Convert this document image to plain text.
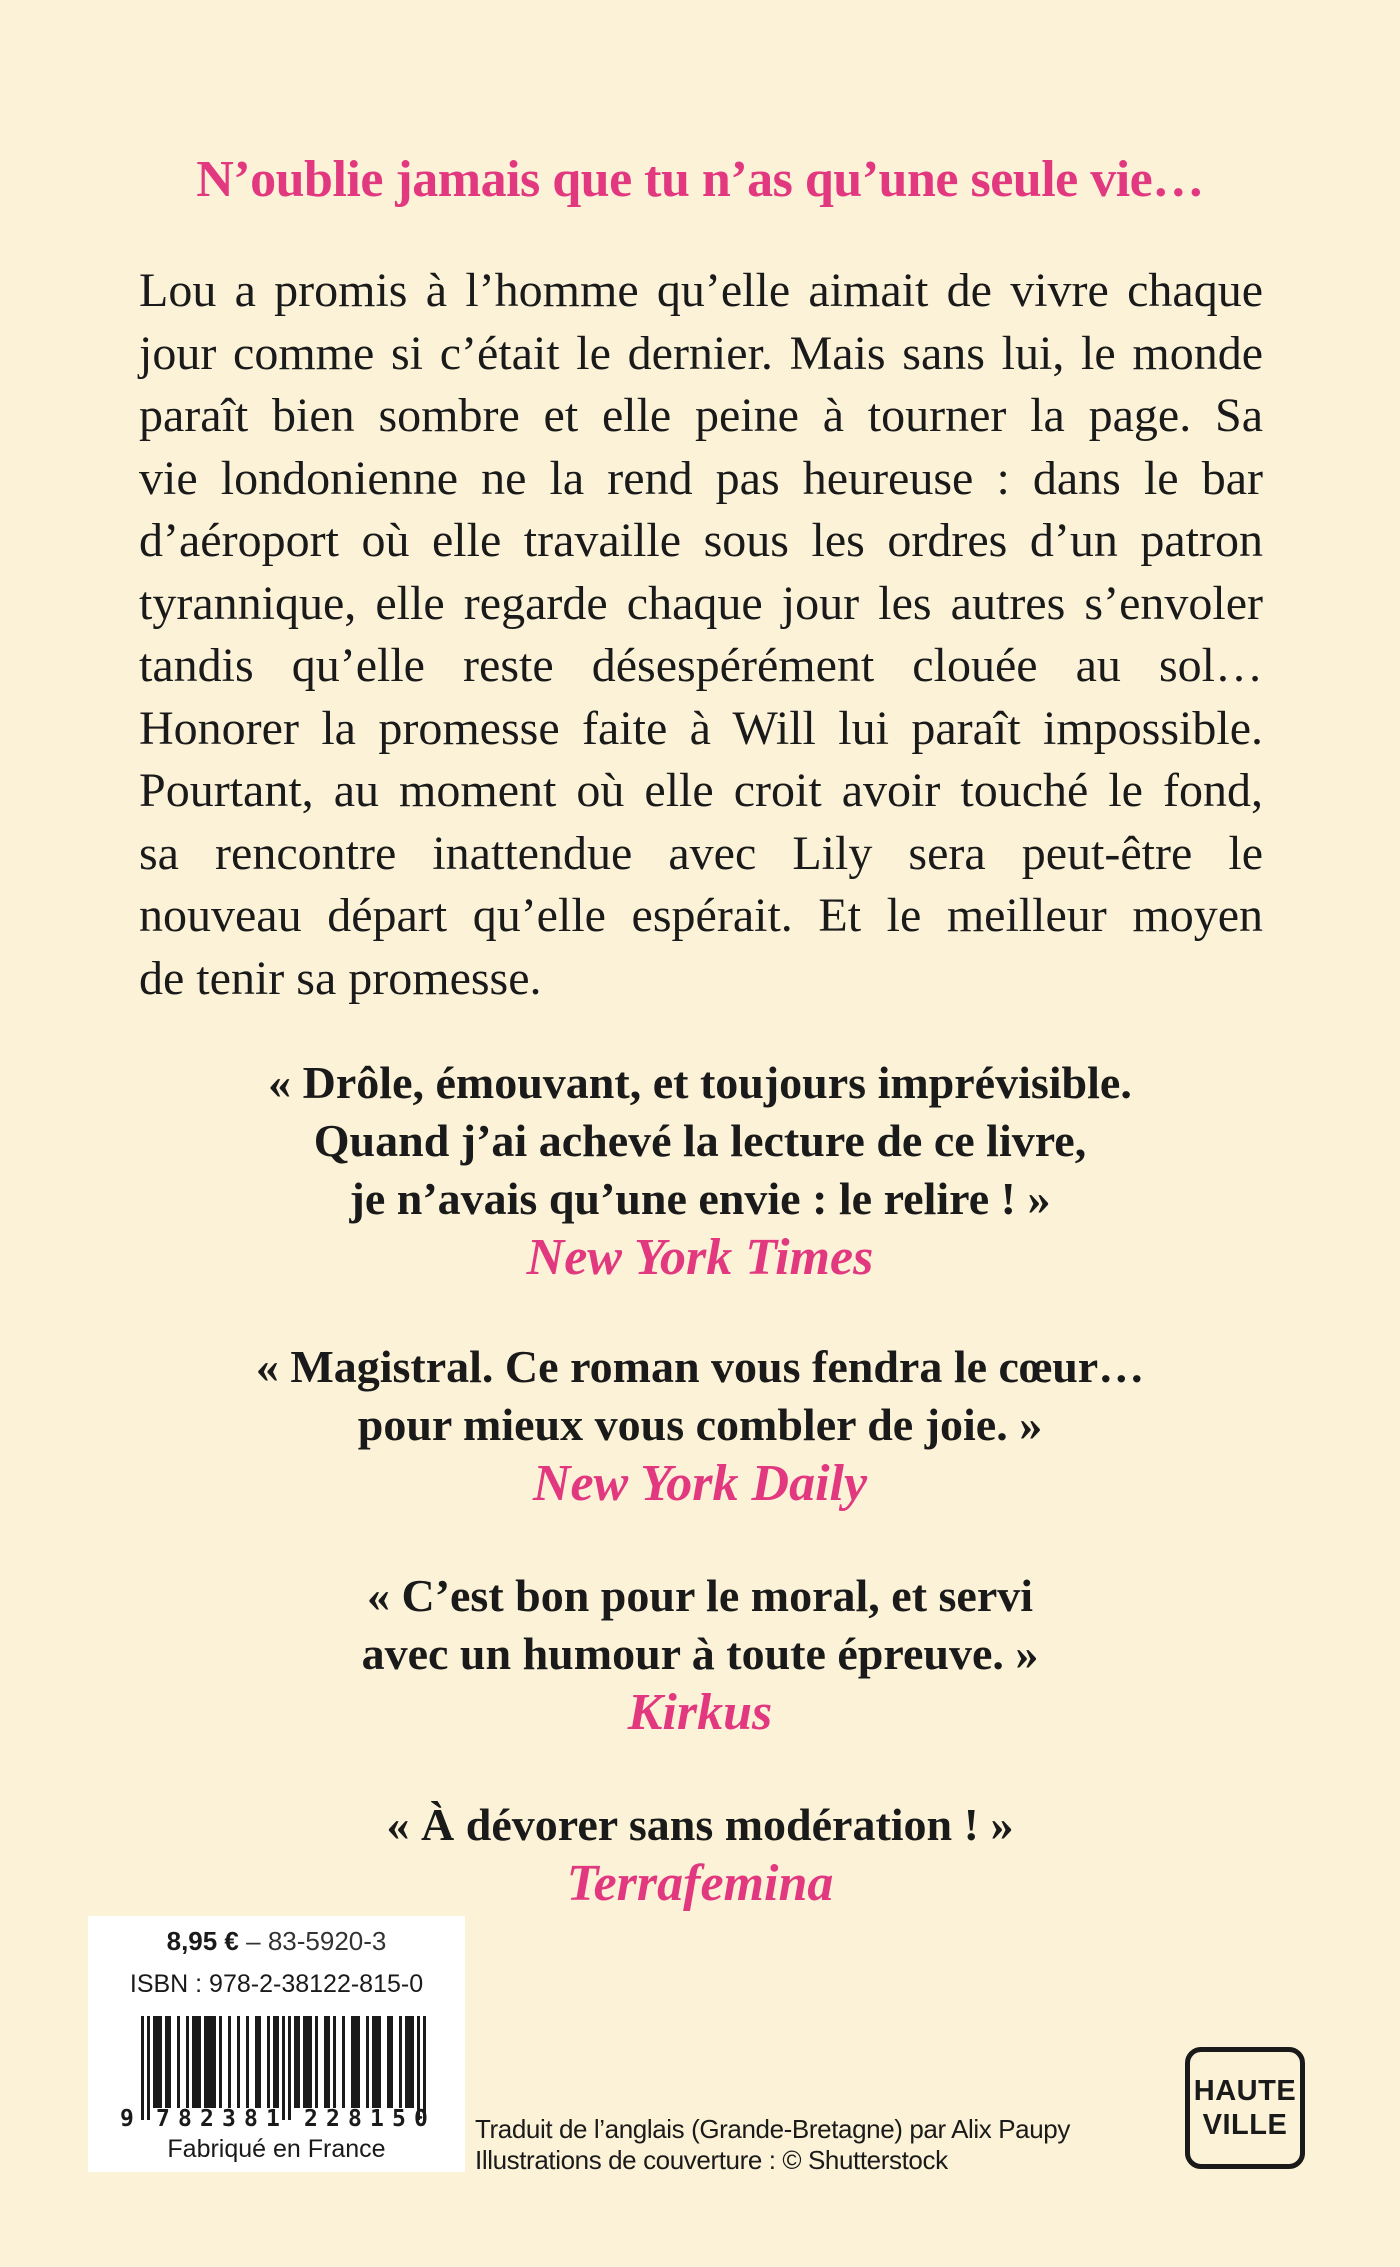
N’oublie jamais que tu n’as qu’une seule vie…
Lou a promis à l’homme qu’elle aimait de vivre chaque
jour comme si c’était le dernier. Mais sans lui, le monde
paraît bien sombre et elle peine à tourner la page. Sa
vie londonienne ne la rend pas heureuse : dans le bar
d’aéroport où elle travaille sous les ordres d’un patron
tyrannique, elle regarde chaque jour les autres s’envoler
tandis qu’elle reste désespérément clouée au sol…
Honorer la promesse faite à Will lui paraît impossible.
Pourtant, au moment où elle croit avoir touché le fond,
sa rencontre inattendue avec Lily sera peut-être le
nouveau départ qu’elle espérait. Et le meilleur moyen
de tenir sa promesse.
« Drôle, émouvant, et toujours imprévisible.
Quand j’ai achevé la lecture de ce livre,
je n’avais qu’une envie : le relire ! »
New York Times
« Magistral. Ce roman vous fendra le cœur…
pour mieux vous combler de joie. »
New York Daily
« C’est bon pour le moral, et servi
avec un humour à toute épreuve. »
Kirkus
« À dévorer sans modération ! »
Terrafemina
8,95 € – 83-5920-3
ISBN : 978-2-38122-815-0
9 7 8 2 3 8 1 2 2 8 1 5 0
Fabriqué en France
Traduit de l’anglais (Grande-Bretagne) par Alix Paupy
Illustrations de couverture : © Shutterstock
HAUTE
VILLE
